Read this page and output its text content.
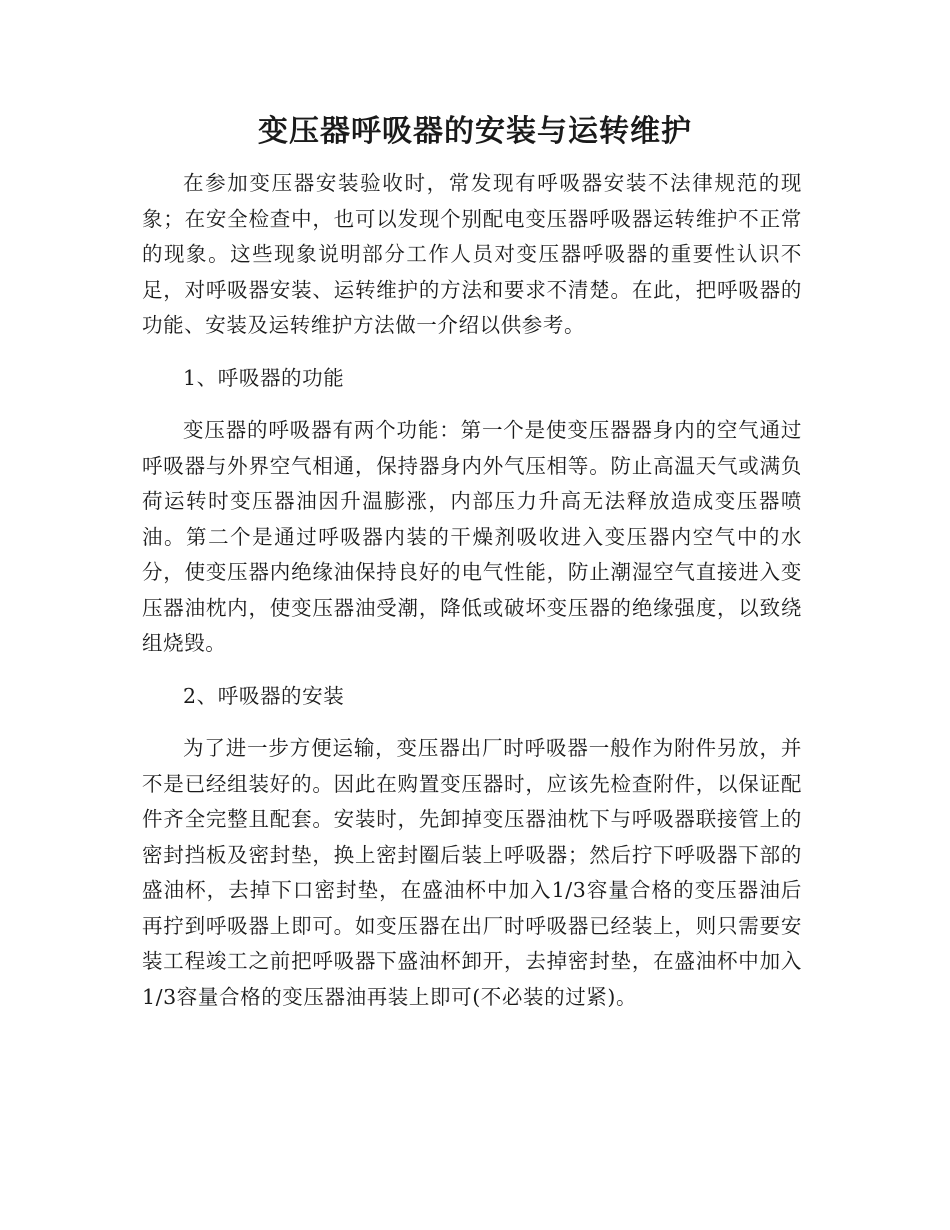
变压器呼吸器的安装与运转维护

在参加变压器安装验收时，常发现有呼吸器安装不法律规范的现象；在安全检查中，也可以发现个别配电变压器呼吸器运转维护不正常的现象。这些现象说明部分工作人员对变压器呼吸器的重要性认识不足，对呼吸器安装、运转维护的方法和要求不清楚。在此，把呼吸器的功能、安装及运转维护方法做一介绍以供参考。

1、呼吸器的功能

变压器的呼吸器有两个功能：第一个是使变压器器身内的空气通过呼吸器与外界空气相通，保持器身内外气压相等。防止高温天气或满负荷运转时变压器油因升温膨涨，内部压力升高无法释放造成变压器喷油。第二个是通过呼吸器内装的干燥剂吸收进入变压器内空气中的水分，使变压器内绝缘油保持良好的电气性能，防止潮湿空气直接进入变压器油枕内，使变压器油受潮，降低或破坏变压器的绝缘强度，以致绕组烧毁。

2、呼吸器的安装

为了进一步方便运输，变压器出厂时呼吸器一般作为附件另放，并不是已经组装好的。因此在购置变压器时，应该先检查附件，以保证配件齐全完整且配套。安装时，先卸掉变压器油枕下与呼吸器联接管上的密封挡板及密封垫，换上密封圈后装上呼吸器；然后拧下呼吸器下部的盛油杯，去掉下口密封垫，在盛油杯中加入1/3容量合格的变压器油后再拧到呼吸器上即可。如变压器在出厂时呼吸器已经装上，则只需要安装工程竣工之前把呼吸器下盛油杯卸开，去掉密封垫，在盛油杯中加入1/3容量合格的变压器油再装上即可(不必装的过紧)。
